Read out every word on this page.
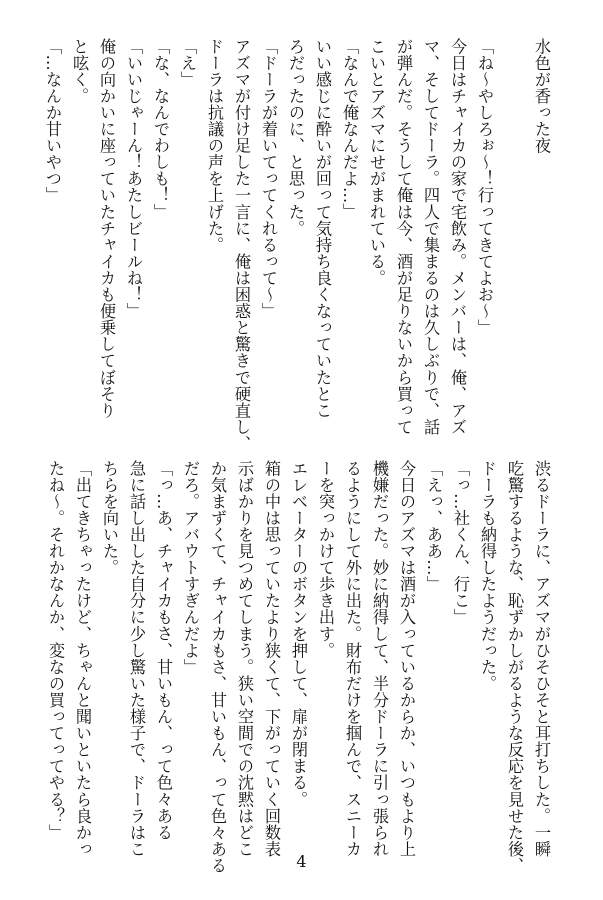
水色が香った夜
「ね～やしろぉ～！行ってきてよお～」
今日はチャイカの家で宅飲み。メンバーは、俺、アズ
マ、そしてドーラ。四人で集まるのは久しぶりで、話
が弾んだ。そうして俺は今、酒が足りないから買って
こいとアズマにせがまれている。
「なんで俺なんだよ…」
いい感じに酔いが回って気持ち良くなっていたとこ
ろだったのに、と思った。
「ドーラが着いてってくれるって～」
アズマが付け足した一言に、俺は困惑と驚きで硬直し、
ドーラは抗議の声を上げた。
「え」
「な、なんでわしも！」
「いいじゃーん！あたしビールね！」
俺の向かいに座っていたチャイカも便乗してぼそり
と呟く。
「…なんか甘いやつ」
渋るドーラに、アズマがひそひそと耳打ちした。一瞬
吃驚するような、恥ずかしがるような反応を見せた後、
ドーラも納得したようだった。
「っ…社くん、行こ」
「えっ、ああ…」
今日のアズマは酒が入っているからか、いつもより上
機嫌だった。妙に納得して、半分ドーラに引っ張られ
るようにして外に出た。財布だけを掴んで、スニーカ
ーを突っかけて歩き出す。
エレベーターのボタンを押して、扉が閉まる。
箱の中は思っていたより狭くて、下がっていく回数表
示ばかりを見つめてしまう。狭い空間での沈黙はどこ
か気まずくて、チャイカもさ、甘いもん、って色々ある
だろ。アバウトすぎんだよ」
「っ…あ、チャイカもさ、甘いもん、って色々ある
急に話し出した自分に少し驚いた様子で、ドーラはこ
ちらを向いた。
「出てきちゃったけど、ちゃんと聞いといたら良かっ
たね～。それかなんか、変なの買ってってやる？」
4
